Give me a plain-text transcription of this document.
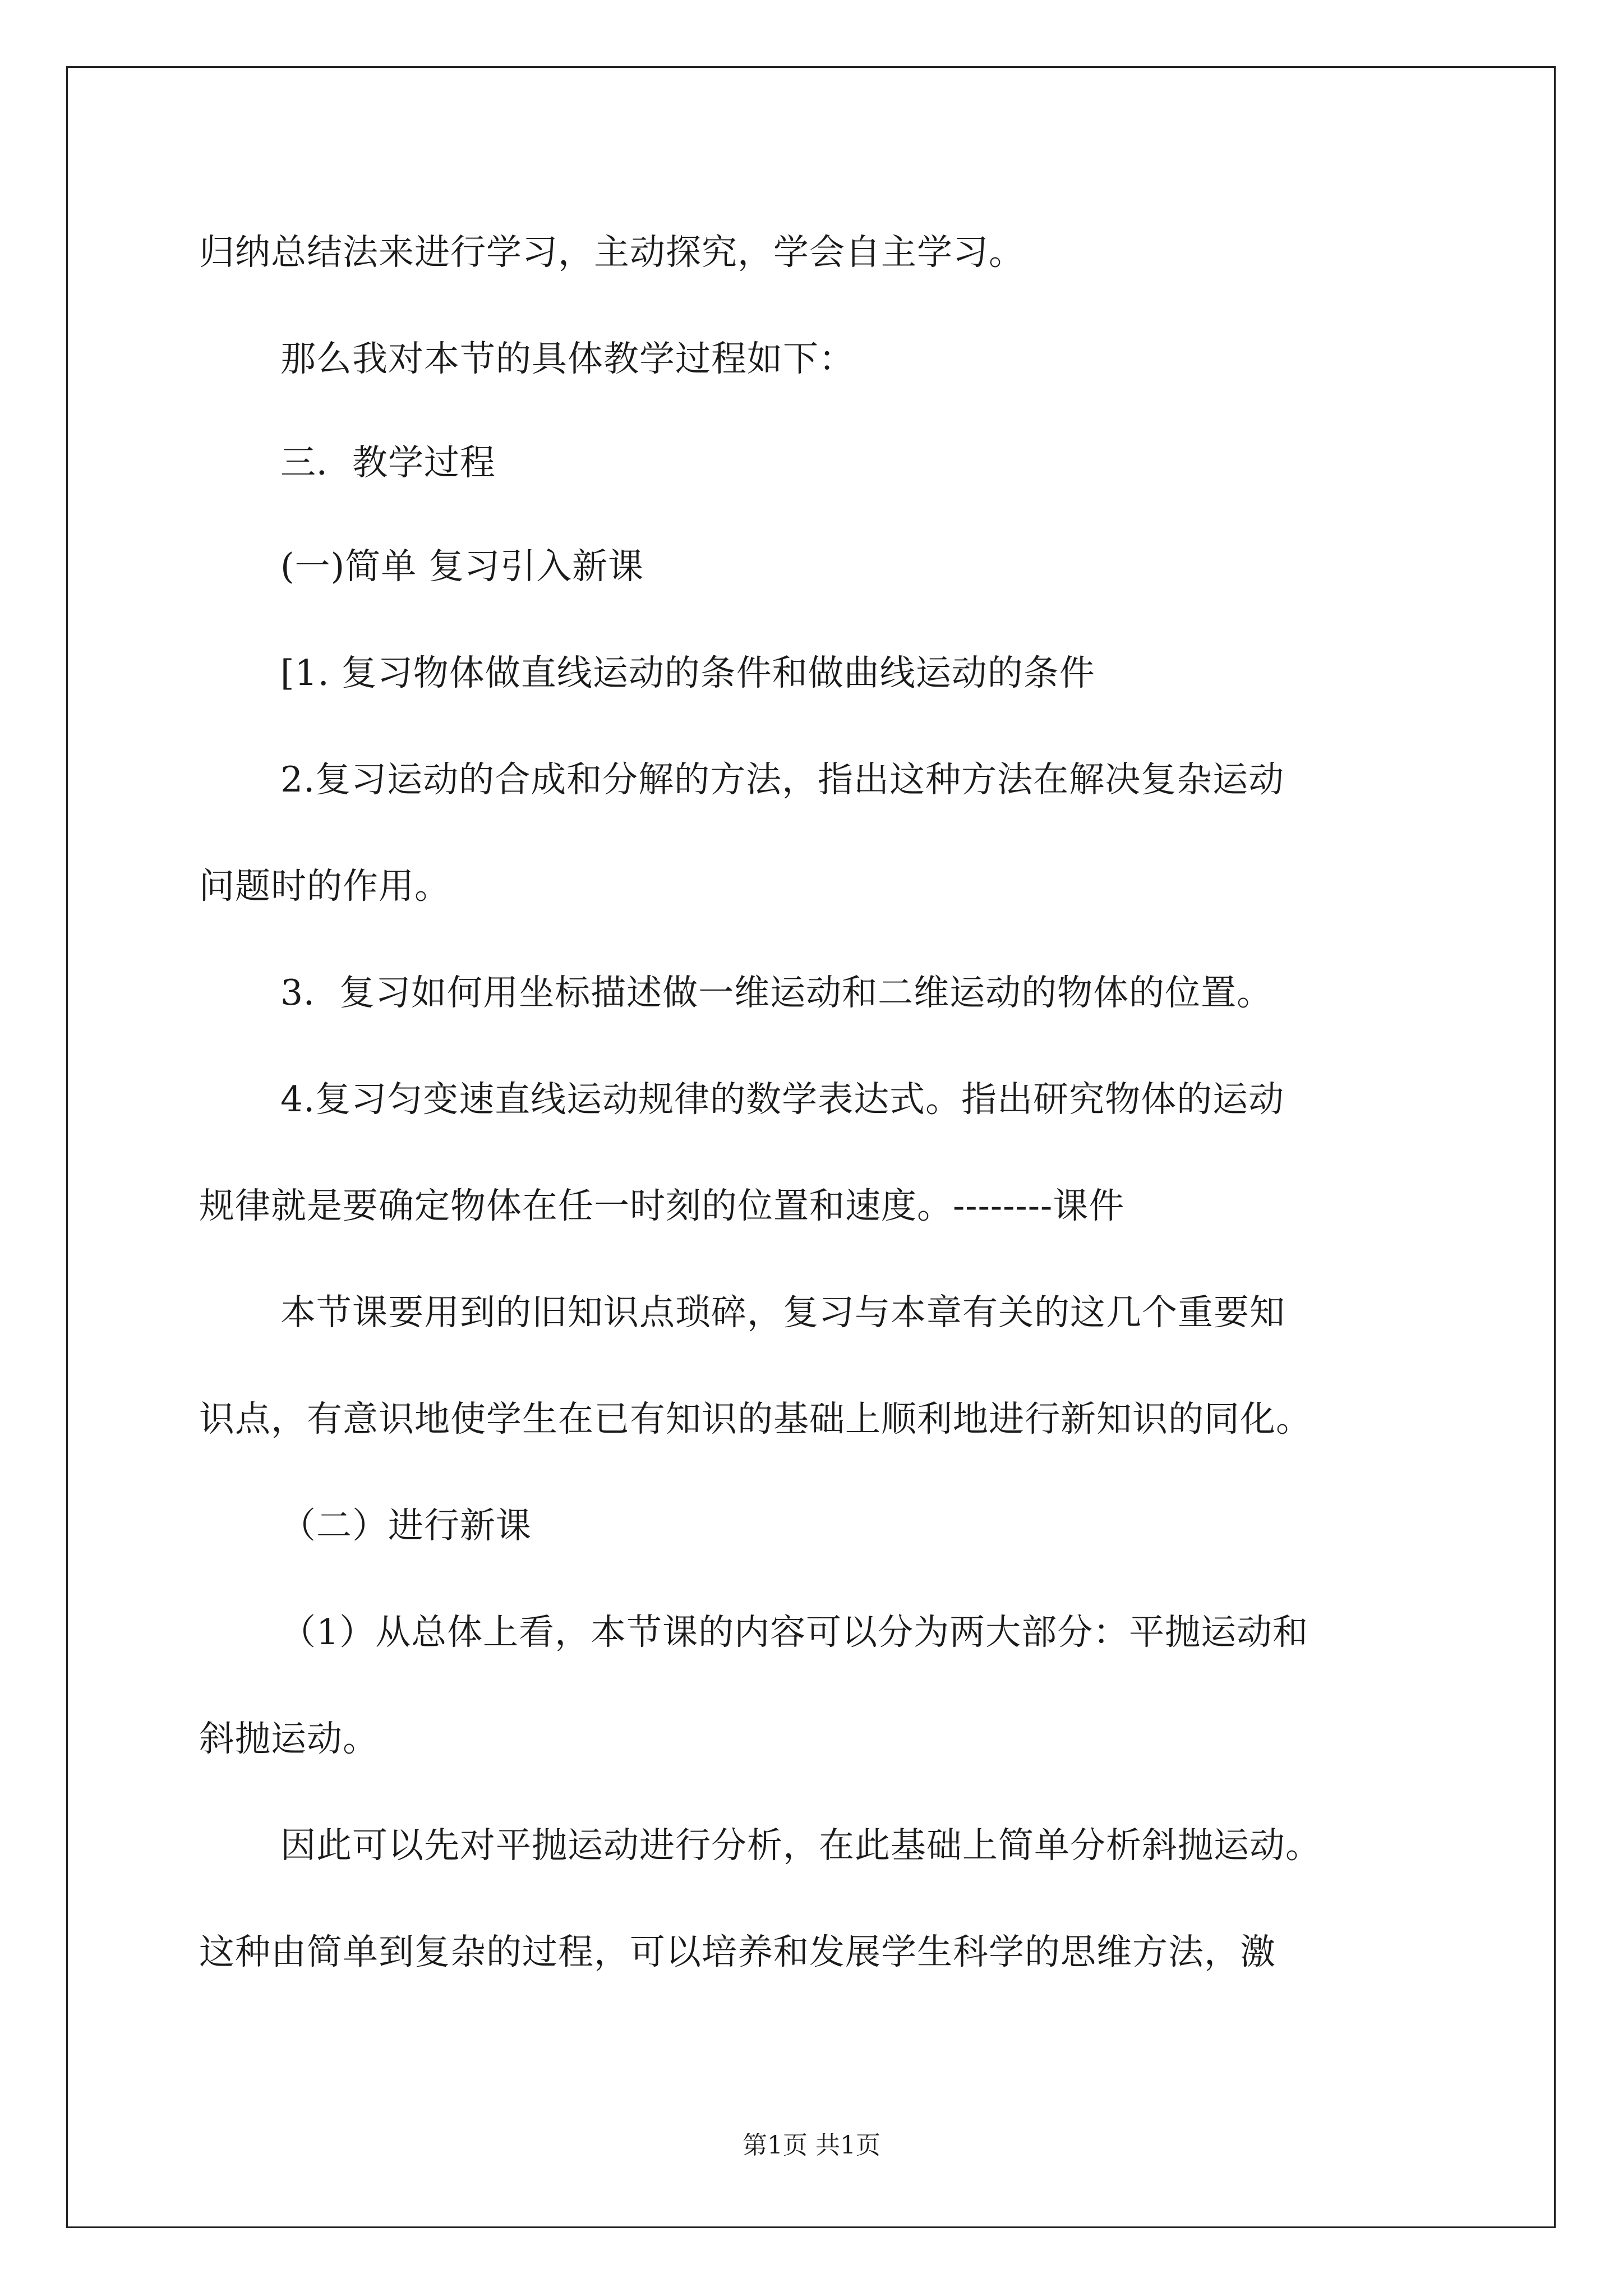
归纳总结法来进行学习，主动探究，学会自主学习。

那么我对本节的具体教学过程如下：

三．教学过程

(一)简单 复习引入新课

[1. 复习物体做直线运动的条件和做曲线运动的条件

2.复习运动的合成和分解的方法，指出这种方法在解决复杂运动

问题时的作用。

3．复习如何用坐标描述做一维运动和二维运动的物体的位置。

4.复习匀变速直线运动规律的数学表达式。指出研究物体的运动

规律就是要确定物体在任一时刻的位置和速度。--------课件

本节课要用到的旧知识点琐碎，复习与本章有关的这几个重要知

识点，有意识地使学生在已有知识的基础上顺利地进行新知识的同化。

（二）进行新课

（1）从总体上看，本节课的内容可以分为两大部分：平抛运动和

斜抛运动。

因此可以先对平抛运动进行分析，在此基础上简单分析斜抛运动。

这种由简单到复杂的过程，可以培养和发展学生科学的思维方法，激

第1页 共1页
